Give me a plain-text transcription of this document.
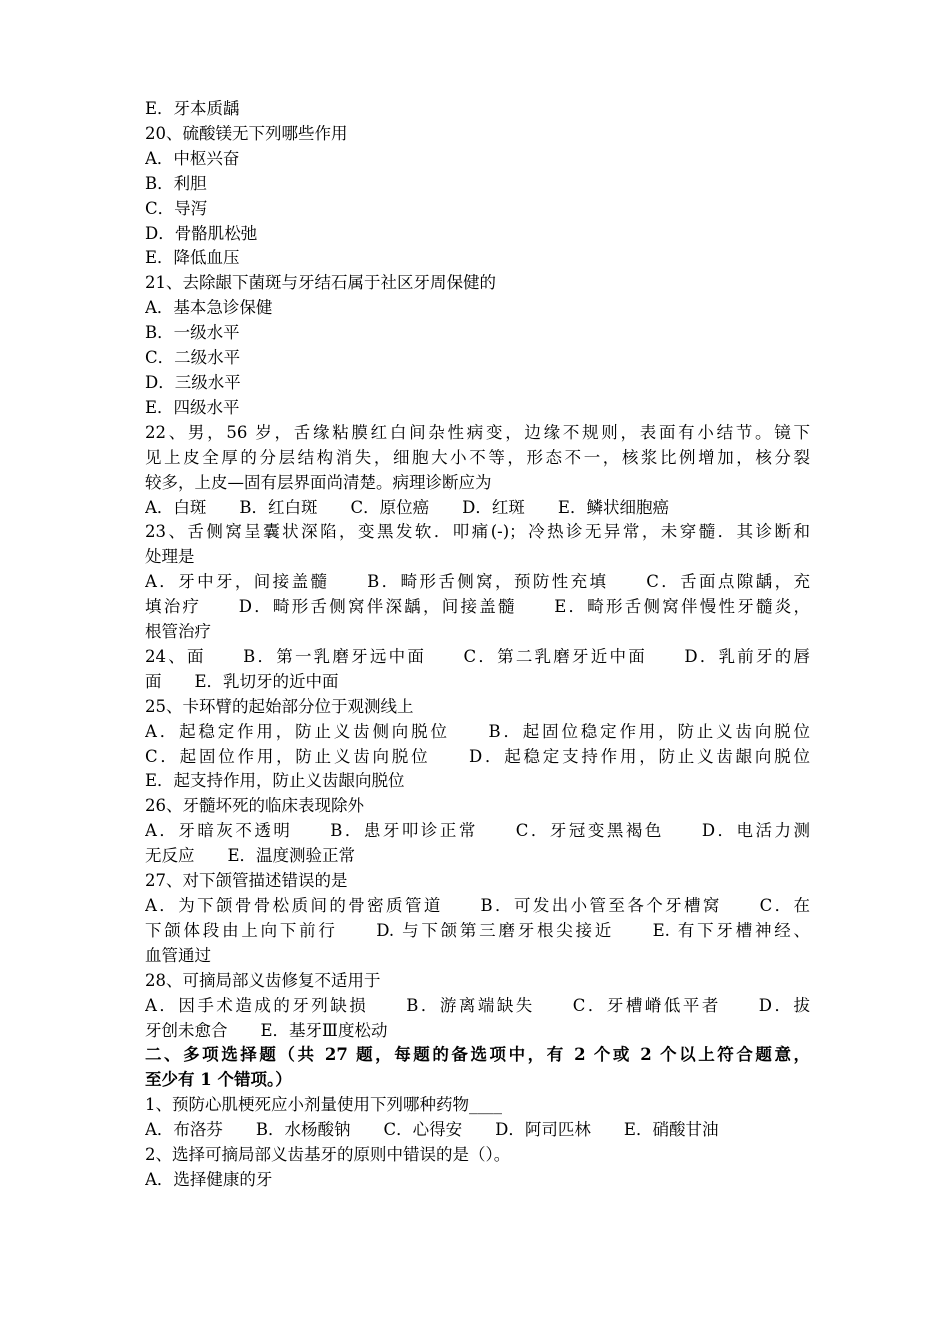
E．牙本质龋
20、硫酸镁无下列哪些作用
A．中枢兴奋
B．利胆
C．导泻
D．骨骼肌松弛
E．降低血压
21、去除龈下菌斑与牙结石属于社区牙周保健的
A．基本急诊保健
B．一级水平
C．二级水平
D．三级水平
E．四级水平
22、男，56 岁，舌缘粘膜红白间杂性病变，边缘不规则，表面有小结节。镜下
见上皮全厚的分层结构消失，细胞大小不等，形态不一，核浆比例增加，核分裂
较多，上皮—固有层界面尚清楚。病理诊断应为
A．白斑　　B．红白斑　　C．原位癌　　D．红斑　　E．鳞状细胞癌
23、舌侧窝呈囊状深陷，变黑发软．叩痛(-)；冷热诊无异常，未穿髓．其诊断和
处理是
A．牙中牙，间接盖髓　　B．畸形舌侧窝，预防性充填　　C．舌面点隙龋，充
填治疗　　D．畸形舌侧窝伴深龋，间接盖髓　　E．畸形舌侧窝伴慢性牙髓炎，
根管治疗
24、面　　B．第一乳磨牙远中面　　C．第二乳磨牙近中面　　D．乳前牙的唇
面　　E．乳切牙的近中面
25、卡环臂的起始部分位于观测线上
A．起稳定作用，防止义齿侧向脱位　　B．起固位稳定作用，防止义齿向脱位
C．起固位作用，防止义齿向脱位　　D．起稳定支持作用，防止义齿龈向脱位
E．起支持作用，防止义齿龈向脱位
26、牙髓坏死的临床表现除外
A．牙暗灰不透明　　B．患牙叩诊正常　　C．牙冠变黑褐色　　D．电活力测
无反应　　E．温度测验正常
27、对下颌管描述错误的是
A．为下颌骨骨松质间的骨密质管道　　B．可发出小管至各个牙槽窝　　C．在
下颌体段由上向下前行　　D. 与下颌第三磨牙根尖接近　　E. 有下牙槽神经、
血管通过
28、可摘局部义齿修复不适用于
A．因手术造成的牙列缺损　　B．游离端缺失　　C．牙槽嵴低平者　　D．拔
牙创未愈合　　E．基牙Ⅲ度松动
二、多项选择题（共 27 题，每题的备选项中，有 2 个或 2 个以上符合题意，
至少有 1 个错项。）
1、预防心肌梗死应小剂量使用下列哪种药物____
A．布洛芬　　B．水杨酸钠　　C．心得安　　D．阿司匹林　　E．硝酸甘油
2、选择可摘局部义齿基牙的原则中错误的是（）。
A．选择健康的牙
